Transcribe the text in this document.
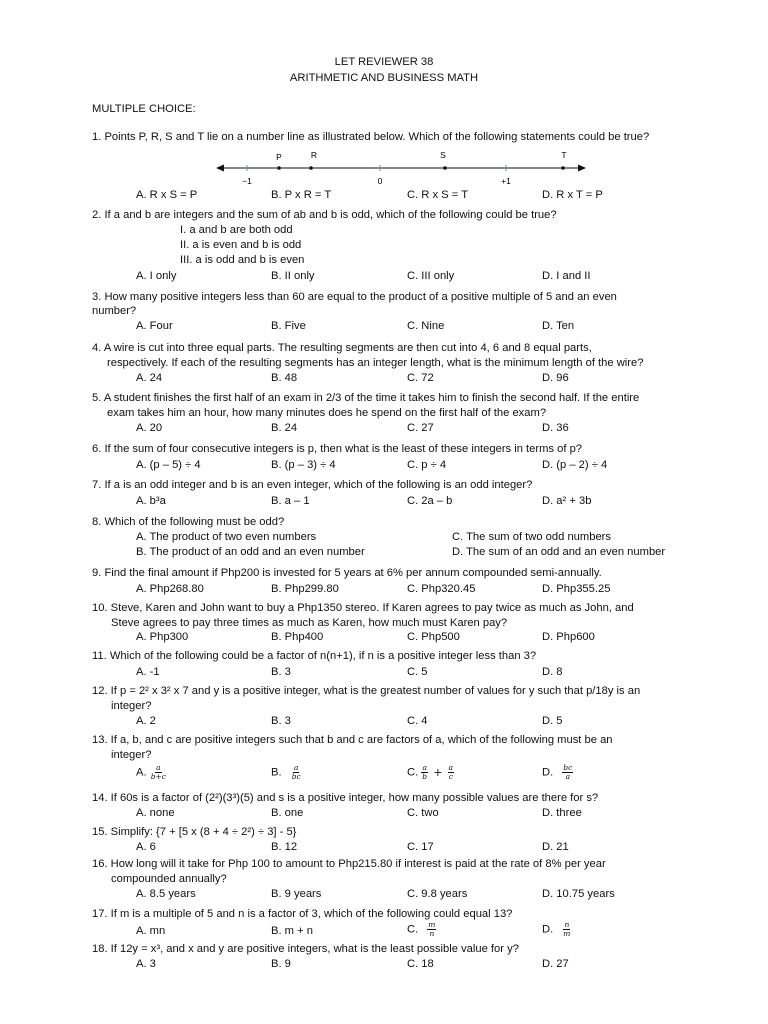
LET REVIEWER 38
ARITHMETIC AND BUSINESS MATH
MULTIPLE CHOICE:
1. Points P, R, S and T lie on a number line as illustrated below. Which of the following statements could be true?
P	R	S	T
−1	0	+1
A. R x S = P	B. P x R = T	C. R x S = T	D. R x T = P
2. If a and b are integers and the sum of ab and b is odd, which of the following could be true?
I. a and b are both odd
II. a is even and b is odd
III. a is odd and b is even
A. I only	B. II only	C. III only	D. I and II
3. How many positive integers less than 60 are equal to the product of a positive multiple of 5 and an even
number?
A. Four	B. Five	C. Nine	D. Ten
4. A wire is cut into three equal parts. The resulting segments are then cut into 4, 6 and 8 equal parts,
respectively. If each of the resulting segments has an integer length, what is the minimum length of the wire?
A. 24	B. 48	C. 72	D. 96
5. A student finishes the first half of an exam in 2/3 of the time it takes him to finish the second half. If the entire
exam takes him an hour, how many minutes does he spend on the first half of the exam?
A. 20	B. 24	C. 27	D. 36
6. If the sum of four consecutive integers is p, then what is the least of these integers in terms of p?
A. (p – 5) ÷ 4	B. (p – 3) ÷ 4	C. p ÷ 4	D. (p – 2) ÷ 4
7. If a is an odd integer and b is an even integer, which of the following is an odd integer?
A. b³a	B. a – 1	C. 2a – b	D. a² + 3b
8. Which of the following must be odd?
A. The product of two even numbers
B. The product of an odd and an even number
C. The sum of two odd numbers
D. The sum of an odd and an even number
9. Find the final amount if Php200 is invested for 5 years at 6% per annum compounded semi-annually.
A. Php268.80	B. Php299.80	C. Php320.45	D. Php355.25
10. Steve, Karen and John want to buy a Php1350 stereo. If Karen agrees to pay twice as much as John, and
Steve agrees to pay three times as much as Karen, how much must Karen pay?
A. Php300	B. Php400	C. Php500	D. Php600
11. Which of the following could be a factor of n(n+1), if n is a positive integer less than 3?
A. -1	B. 3	C. 5	D. 8
12. If p = 2² x 3² x 7 and y is a positive integer, what is the greatest number of values for y such that p/18y is an
integer?
A. 2	B. 3	C. 4	D. 5
13. If a, b, and c are positive integers such that b and c are factors of a, which of the following must be an
integer?
A. $\frac{a}{b+c}$	B. $\frac{a}{bc}$	C. $\frac{a}{b} + \frac{a}{c}$	D. $\frac{bc}{a}$
14. If 60s is a factor of (2²)(3³)(5) and s is a positive integer, how many possible values are there for s?
A. none	B. one	C. two	D. three
15. Simplify: {7 + [5 x (8 + 4 ÷ 2²) ÷ 3] - 5}
A. 6	B. 12	C. 17	D. 21
16. How long will it take for Php 100 to amount to Php215.80 if interest is paid at the rate of 8% per year
compounded annually?
A. 8.5 years	B. 9 years	C. 9.8 years	D. 10.75 years
17. If m is a multiple of 5 and n is a factor of 3, which of the following could equal 13?
A. mn	B. m + n	C. $\frac{m}{n}$	D. $\frac{n}{m}$
18. If 12y = x³, and x and y are positive integers, what is the least possible value for y?
A. 3	B. 9	C. 18	D. 27
